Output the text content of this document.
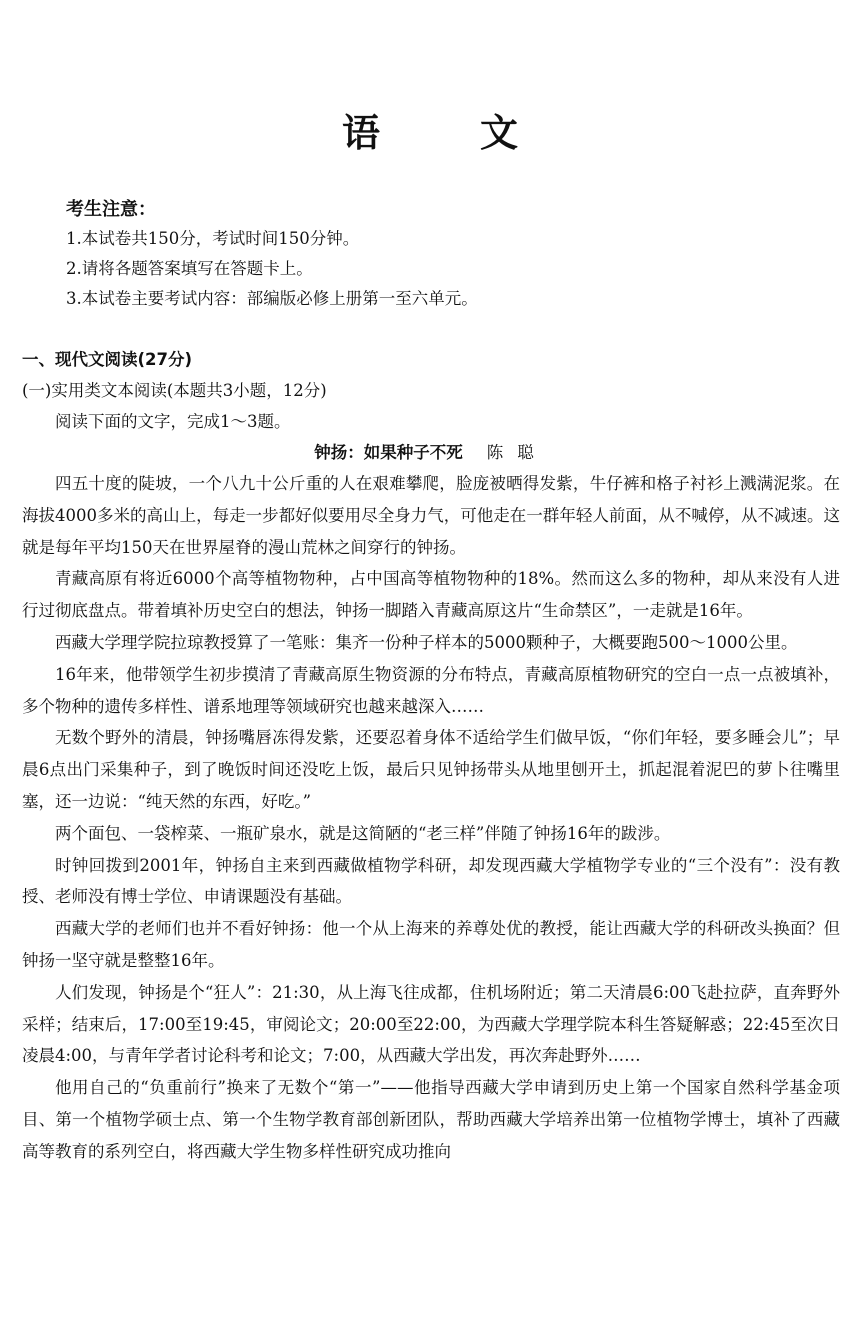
语文
考生注意：
1.本试卷共150分，考试时间150分钟。
2.请将各题答案填写在答题卡上。
3.本试卷主要考试内容：部编版必修上册第一至六单元。
一、现代文阅读(27分)
(一)实用类文本阅读(本题共3小题，12分)
阅读下面的文字，完成1～3题。
钟扬：如果种子不死 陈聪

四五十度的陡坡，一个八九十公斤重的人在艰难攀爬，脸庞被晒得发紫，牛仔裤和格子衬衫上溅满泥浆。在海拔4000多米的高山上，每走一步都好似要用尽全身力气，可他走在一群年轻人前面，从不喊停，从不减速。这就是每年平均150天在世界屋脊的漫山荒林之间穿行的钟扬。

青藏高原有将近6000个高等植物物种，占中国高等植物物种的18%。然而这么多的物种，却从来没有人进行过彻底盘点。带着填补历史空白的想法，钟扬一脚踏入青藏高原这片“生命禁区”，一走就是16年。

西藏大学理学院拉琼教授算了一笔账：集齐一份种子样本的5000颗种子，大概要跑500～1000公里。

16年来，他带领学生初步摸清了青藏高原生物资源的分布特点，青藏高原植物研究的空白一点一点被填补，多个物种的遗传多样性、谱系地理等领域研究也越来越深入……

无数个野外的清晨，钟扬嘴唇冻得发紫，还要忍着身体不适给学生们做早饭，“你们年轻，要多睡会儿”；早晨6点出门采集种子，到了晚饭时间还没吃上饭，最后只见钟扬带头从地里刨开土，抓起混着泥巴的萝卜往嘴里塞，还一边说：“纯天然的东西，好吃。”

两个面包、一袋榨菜、一瓶矿泉水，就是这简陋的“老三样”伴随了钟扬16年的跋涉。

时钟回拨到2001年，钟扬自主来到西藏做植物学科研，却发现西藏大学植物学专业的“三个没有”：没有教授、老师没有博士学位、申请课题没有基础。

西藏大学的老师们也并不看好钟扬：他一个从上海来的养尊处优的教授，能让西藏大学的科研改头换面？但钟扬一坚守就是整整16年。

人们发现，钟扬是个“狂人”：21:30，从上海飞往成都，住机场附近；第二天清晨6:00飞赴拉萨，直奔野外采样；结束后，17:00至19:45，审阅论文；20:00至22:00，为西藏大学理学院本科生答疑解惑；22:45至次日凌晨4:00，与青年学者讨论科考和论文；7:00，从西藏大学出发，再次奔赴野外……

他用自己的“负重前行”换来了无数个“第一”——他指导西藏大学申请到历史上第一个国家自然科学基金项目、第一个植物学硕士点、第一个生物学教育部创新团队，帮助西藏大学培养出第一位植物学博士，填补了西藏高等教育的系列空白，将西藏大学生物多样性研究成功推向
